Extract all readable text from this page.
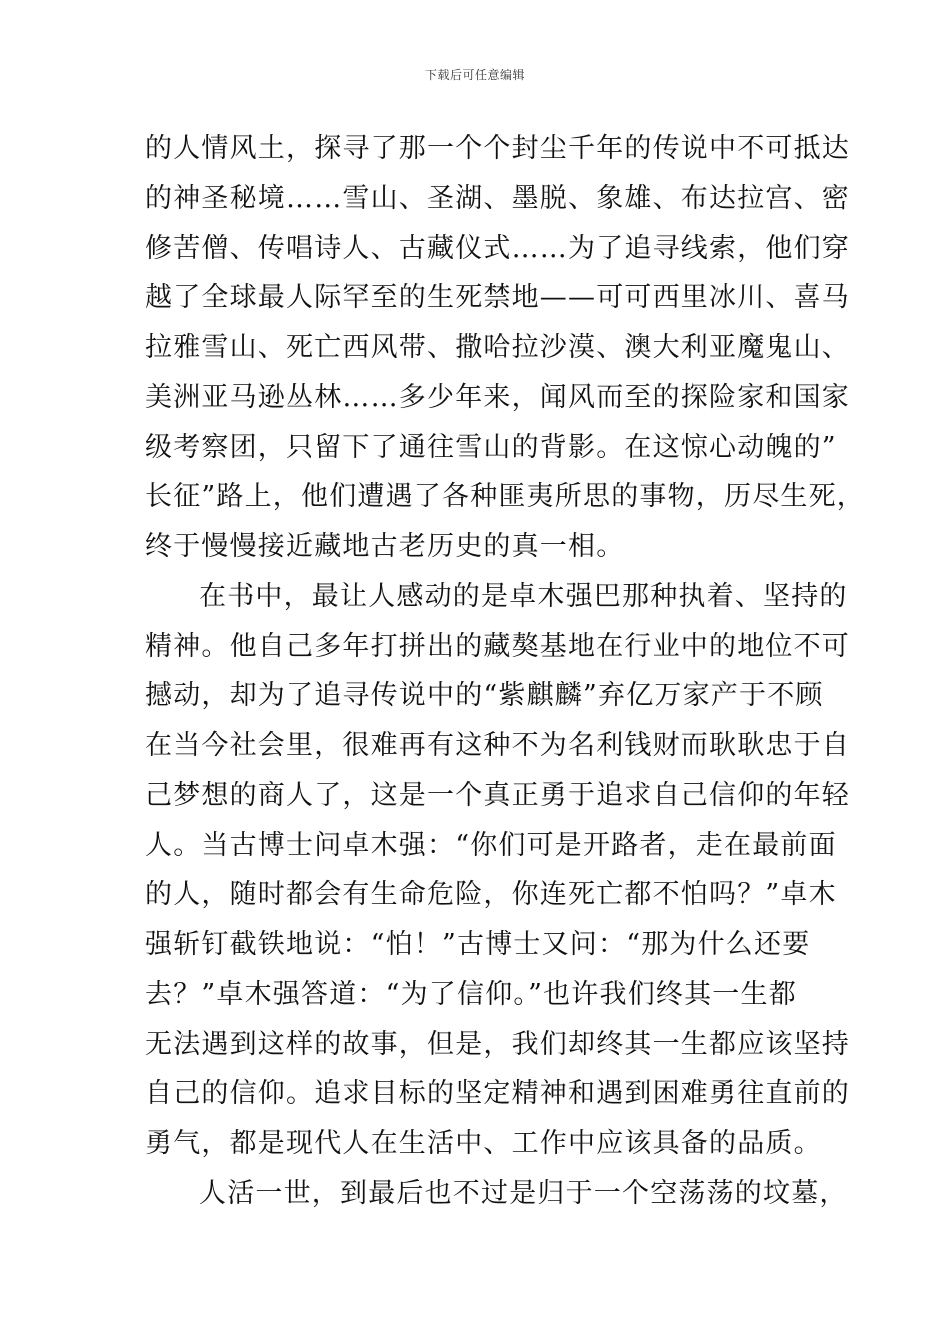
下载后可任意编辑
的人情风土，探寻了那一个个封尘千年的传说中不可抵达
的神圣秘境……雪山、圣湖、墨脱、象雄、布达拉宫、密
修苦僧、传唱诗人、古藏仪式……为了追寻线索，他们穿
越了全球最人际罕至的生死禁地——可可西里冰川、喜马
拉雅雪山、死亡西风带、撒哈拉沙漠、澳大利亚魔鬼山、
美洲亚马逊丛林……多少年来，闻风而至的探险家和国家
级考察团，只留下了通往雪山的背影。在这惊心动魄的”
长征”路上，他们遭遇了各种匪夷所思的事物，历尽生死，
终于慢慢接近藏地古老历史的真一相。
在书中，最让人感动的是卓木强巴那种执着、坚持的
精神。他自己多年打拼出的藏獒基地在行业中的地位不可
撼动，却为了追寻传说中的“紫麒麟”弃亿万家产于不顾
在当今社会里，很难再有这种不为名利钱财而耿耿忠于自
己梦想的商人了，这是一个真正勇于追求自己信仰的年轻
人。当古博士问卓木强：“你们可是开路者，走在最前面
的人，随时都会有生命危险，你连死亡都不怕吗？”卓木
强斩钉截铁地说：“怕！”古博士又问：“那为什么还要
去？”卓木强答道：“为了信仰。”也许我们终其一生都
无法遇到这样的故事，但是，我们却终其一生都应该坚持
自己的信仰。追求目标的坚定精神和遇到困难勇往直前的
勇气，都是现代人在生活中、工作中应该具备的品质。
人活一世，到最后也不过是归于一个空荡荡的坟墓，
